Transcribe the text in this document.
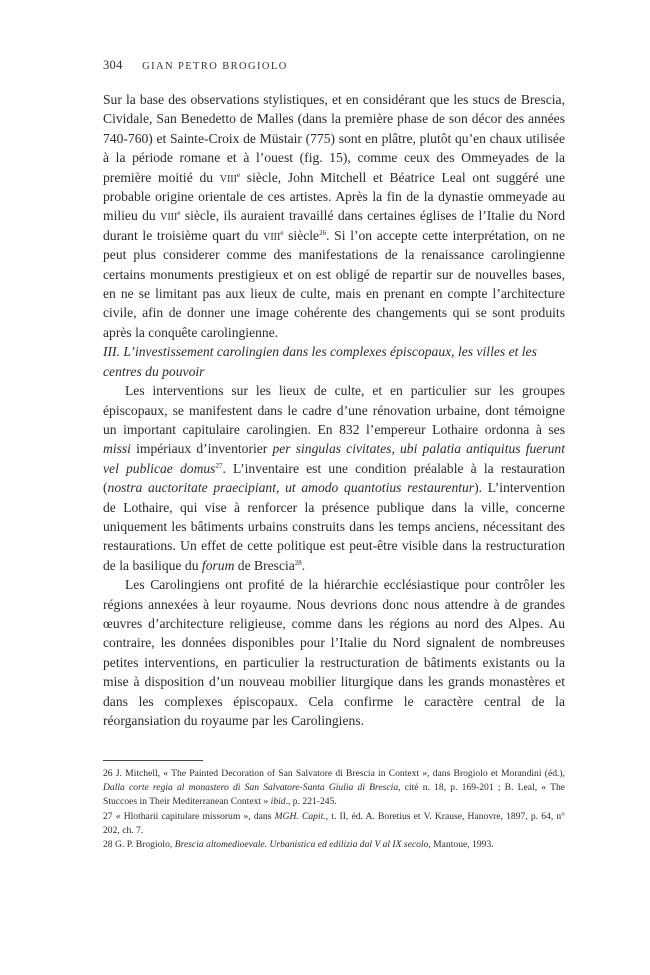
304 GIAN PETRO BROGIOLO

Sur la base des observations stylistiques, et en considérant que les stucs de Brescia, Cividale, San Benedetto de Malles (dans la première phase de son décor des années 740-760) et Sainte-Croix de Müstair (775) sont en plâtre, plutôt qu’en chaux utilisée à la période romane et à l’ouest (fig. 15), comme ceux des Ommeyades de la première moitié du viii$^e$ siècle, John Mitchell et Béatrice Leal ont suggéré une probable origine orientale de ces artistes. Après la fin de la dynastie ommeyade au milieu du viii$^e$ siècle, ils auraient travaillé dans certaines églises de l’Italie du Nord durant le troisième quart du viii$^e$ siècle$^{26}$. Si l’on accepte cette interprétation, on ne peut plus considerer comme des manifestations de la renaissance carolingienne certains monuments prestigieux et on est obligé de repartir sur de nouvelles bases, en ne se limitant pas aux lieux de culte, mais en prenant en compte l’architecture civile, afin de donner une image cohérente des changements qui se sont produits après la conquête carolingienne.

III. L’investissement carolingien dans les complexes épiscopaux, les villes et les centres du pouvoir

Les interventions sur les lieux de culte, et en particulier sur les groupes épiscopaux, se manifestent dans le cadre d’une rénovation urbaine, dont témoigne un important capitulaire carolingien. En 832 l’empereur Lothaire ordonna à ses missi impériaux d’inventorier per singulas civitates, ubi palatia antiquitus fuerunt vel publicae domus$^{27}$. L’inventaire est une condition préalable à la restauration (nostra auctoritate praecipiant, ut amodo quantotius restaurentur). L’intervention de Lothaire, qui vise à renforcer la présence publique dans la ville, concerne uniquement les bâtiments urbains construits dans les temps anciens, nécessitant des restaurations. Un effet de cette politique est peut-être visible dans la restructuration de la basilique du forum de Brescia$^{28}$.

Les Carolingiens ont profité de la hiérarchie ecclésiastique pour contrôler les régions annexées à leur royaume. Nous devrions donc nous attendre à de grandes œuvres d’architecture religieuse, comme dans les régions au nord des Alpes. Au contraire, les données disponibles pour l’Italie du Nord signalent de nombreuses petites interventions, en particulier la restructuration de bâtiments existants ou la mise à disposition d’un nouveau mobilier liturgique dans les grands monastères et dans les complexes épiscopaux. Cela confirme le caractère central de la réorgansiation du royaume par les Carolingiens.

26 J. Mitchell, « The Painted Decoration of San Salvatore di Brescia in Context », dans Brogiolo et Morandini (éd.), Dalla corte regia al monastero di San Salvatore-Santa Giulia di Brescia, cité n. 18, p. 169-201 ; B. Leal, « The Stuccoes in Their Mediterranean Context » ibid., p. 221-245.

27 « Hlotharii capitulare missorum », dans MGH. Capit., t. II, éd. A. Boretius et V. Krause, Hanovre, 1897, p. 64, n° 202, ch. 7.

28 G. P. Brogiolo, Brescia altomedioevale. Urbanistica ed edilizia dal V al IX secolo, Mantoue, 1993.
